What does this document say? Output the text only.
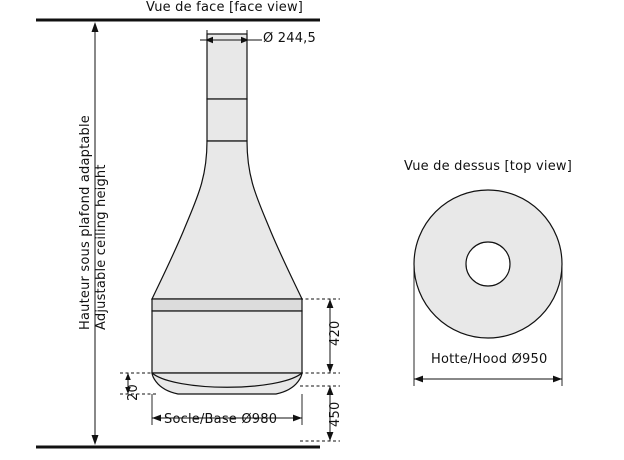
Vue de face [face view]
Ø 244,5
Hauteur sous plafond adaptable Adjustable ceiling height
420
450
20
Socle/Base Ø980
Vue de dessus [top view]
Hotte/Hood Ø950
